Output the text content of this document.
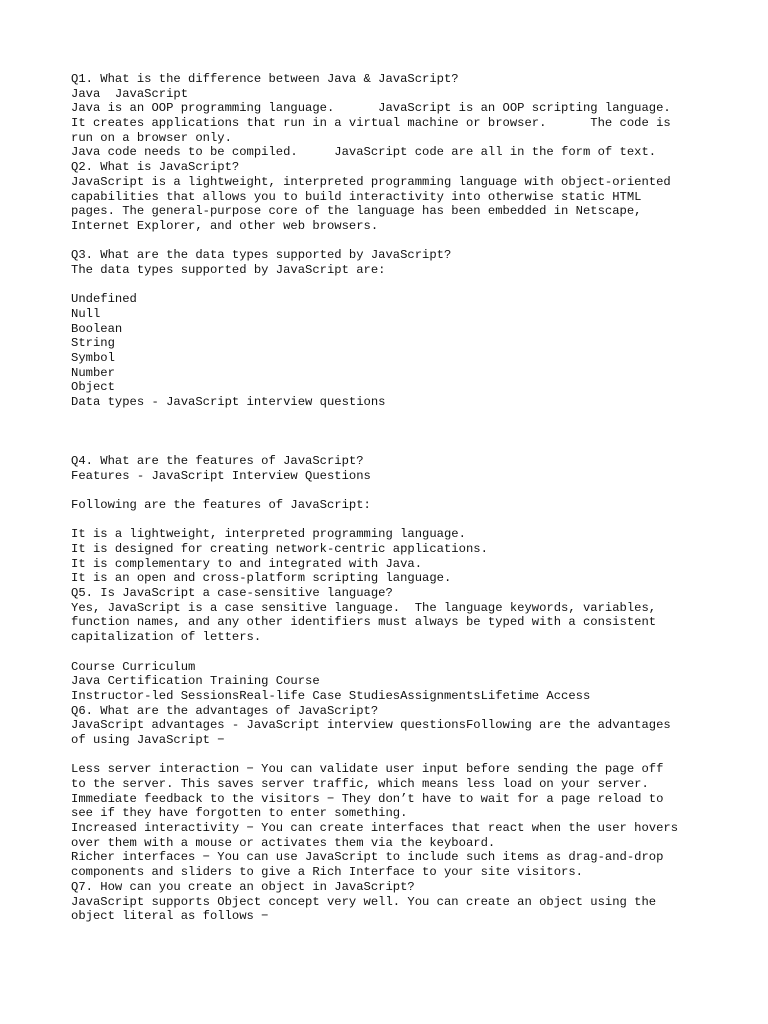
Q1. What is the difference between Java & JavaScript?
Java  JavaScript
Java is an OOP programming language.      JavaScript is an OOP scripting language.
It creates applications that run in a virtual machine or browser.      The code is
run on a browser only.
Java code needs to be compiled.     JavaScript code are all in the form of text.
Q2. What is JavaScript?
JavaScript is a lightweight, interpreted programming language with object-oriented
capabilities that allows you to build interactivity into otherwise static HTML
pages. The general-purpose core of the language has been embedded in Netscape,
Internet Explorer, and other web browsers.
Q3. What are the data types supported by JavaScript?
The data types supported by JavaScript are:
Undefined
Null
Boolean
String
Symbol
Number
Object
Data types - JavaScript interview questions
Q4. What are the features of JavaScript?
Features - JavaScript Interview Questions
Following are the features of JavaScript:
It is a lightweight, interpreted programming language.
It is designed for creating network-centric applications.
It is complementary to and integrated with Java.
It is an open and cross-platform scripting language.
Q5. Is JavaScript a case-sensitive language?
Yes, JavaScript is a case sensitive language.  The language keywords, variables,
function names, and any other identifiers must always be typed with a consistent
capitalization of letters.
Course Curriculum
Java Certification Training Course
Instructor-led SessionsReal-life Case StudiesAssignmentsLifetime Access
Q6. What are the advantages of JavaScript?
JavaScript advantages - JavaScript interview questionsFollowing are the advantages
of using JavaScript −
Less server interaction − You can validate user input before sending the page off
to the server. This saves server traffic, which means less load on your server.
Immediate feedback to the visitors − They don’t have to wait for a page reload to
see if they have forgotten to enter something.
Increased interactivity − You can create interfaces that react when the user hovers
over them with a mouse or activates them via the keyboard.
Richer interfaces − You can use JavaScript to include such items as drag-and-drop
components and sliders to give a Rich Interface to your site visitors.
Q7. How can you create an object in JavaScript?
JavaScript supports Object concept very well. You can create an object using the
object literal as follows −
